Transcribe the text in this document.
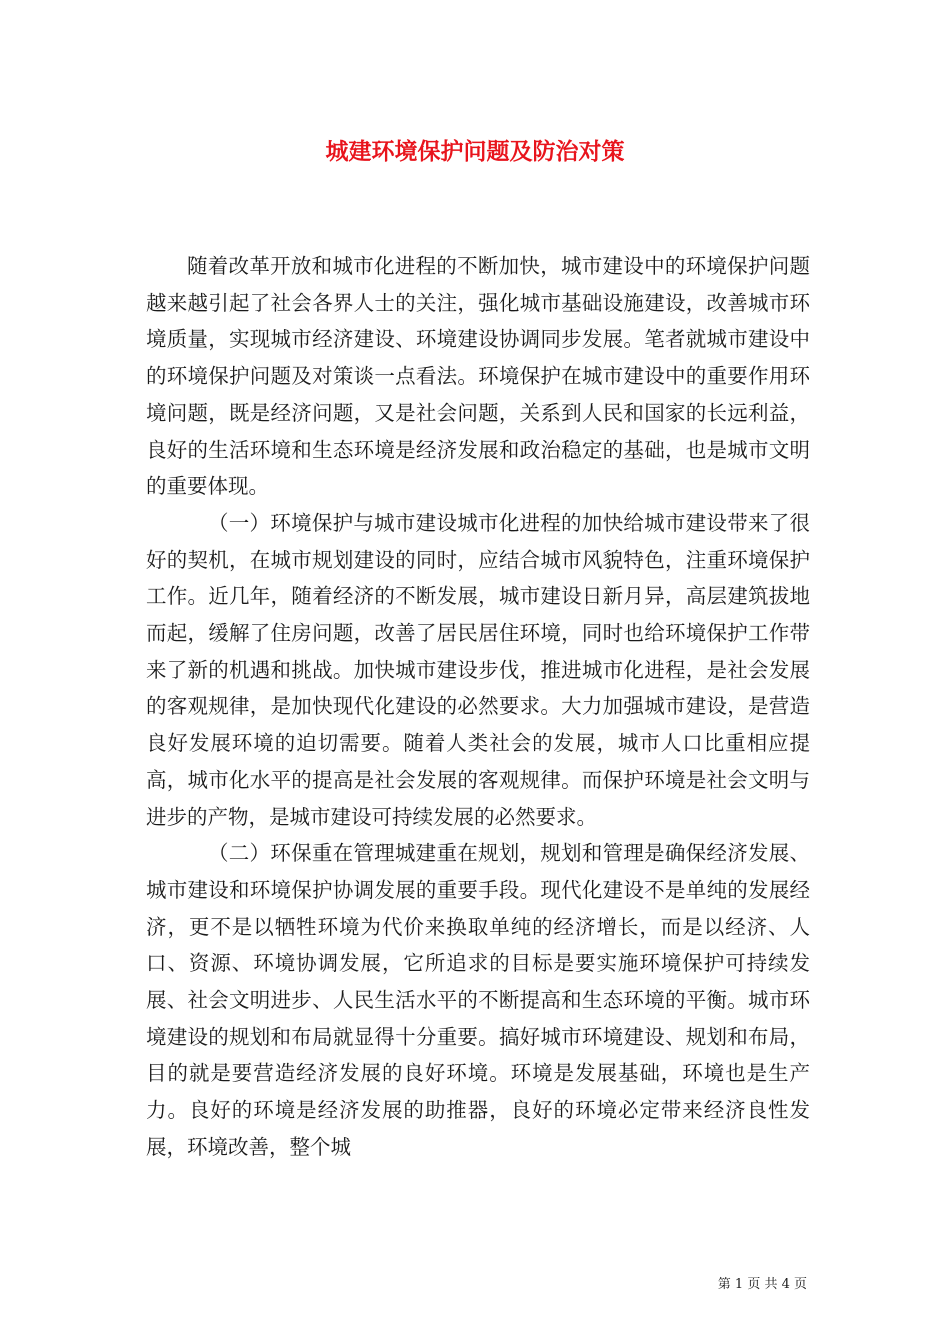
城建环境保护问题及防治对策

随着改革开放和城市化进程的不断加快，城市建设中的环境保护问题越来越引起了社会各界人士的关注，强化城市基础设施建设，改善城市环境质量，实现城市经济建设、环境建设协调同步发展。笔者就城市建设中的环境保护问题及对策谈一点看法。环境保护在城市建设中的重要作用环境问题，既是经济问题，又是社会问题，关系到人民和国家的长远利益，良好的生活环境和生态环境是经济发展和政治稳定的基础，也是城市文明的重要体现。

（一）环境保护与城市建设城市化进程的加快给城市建设带来了很好的契机，在城市规划建设的同时，应结合城市风貌特色，注重环境保护工作。近几年，随着经济的不断发展，城市建设日新月异，高层建筑拔地而起，缓解了住房问题，改善了居民居住环境，同时也给环境保护工作带来了新的机遇和挑战。加快城市建设步伐，推进城市化进程，是社会发展的客观规律，是加快现代化建设的必然要求。大力加强城市建设，是营造良好发展环境的迫切需要。随着人类社会的发展，城市人口比重相应提高，城市化水平的提高是社会发展的客观规律。而保护环境是社会文明与进步的产物，是城市建设可持续发展的必然要求。

（二）环保重在管理城建重在规划，规划和管理是确保经济发展、城市建设和环境保护协调发展的重要手段。现代化建设不是单纯的发展经济，更不是以牺牲环境为代价来换取单纯的经济增长，而是以经济、人口、资源、环境协调发展，它所追求的目标是要实施环境保护可持续发展、社会文明进步、人民生活水平的不断提高和生态环境的平衡。城市环境建设的规划和布局就显得十分重要。搞好城市环境建设、规划和布局，目的就是要营造经济发展的良好环境。环境是发展基础，环境也是生产力。良好的环境是经济发展的助推器，良好的环境必定带来经济良性发展，环境改善，整个城

第 1 页 共 4 页
